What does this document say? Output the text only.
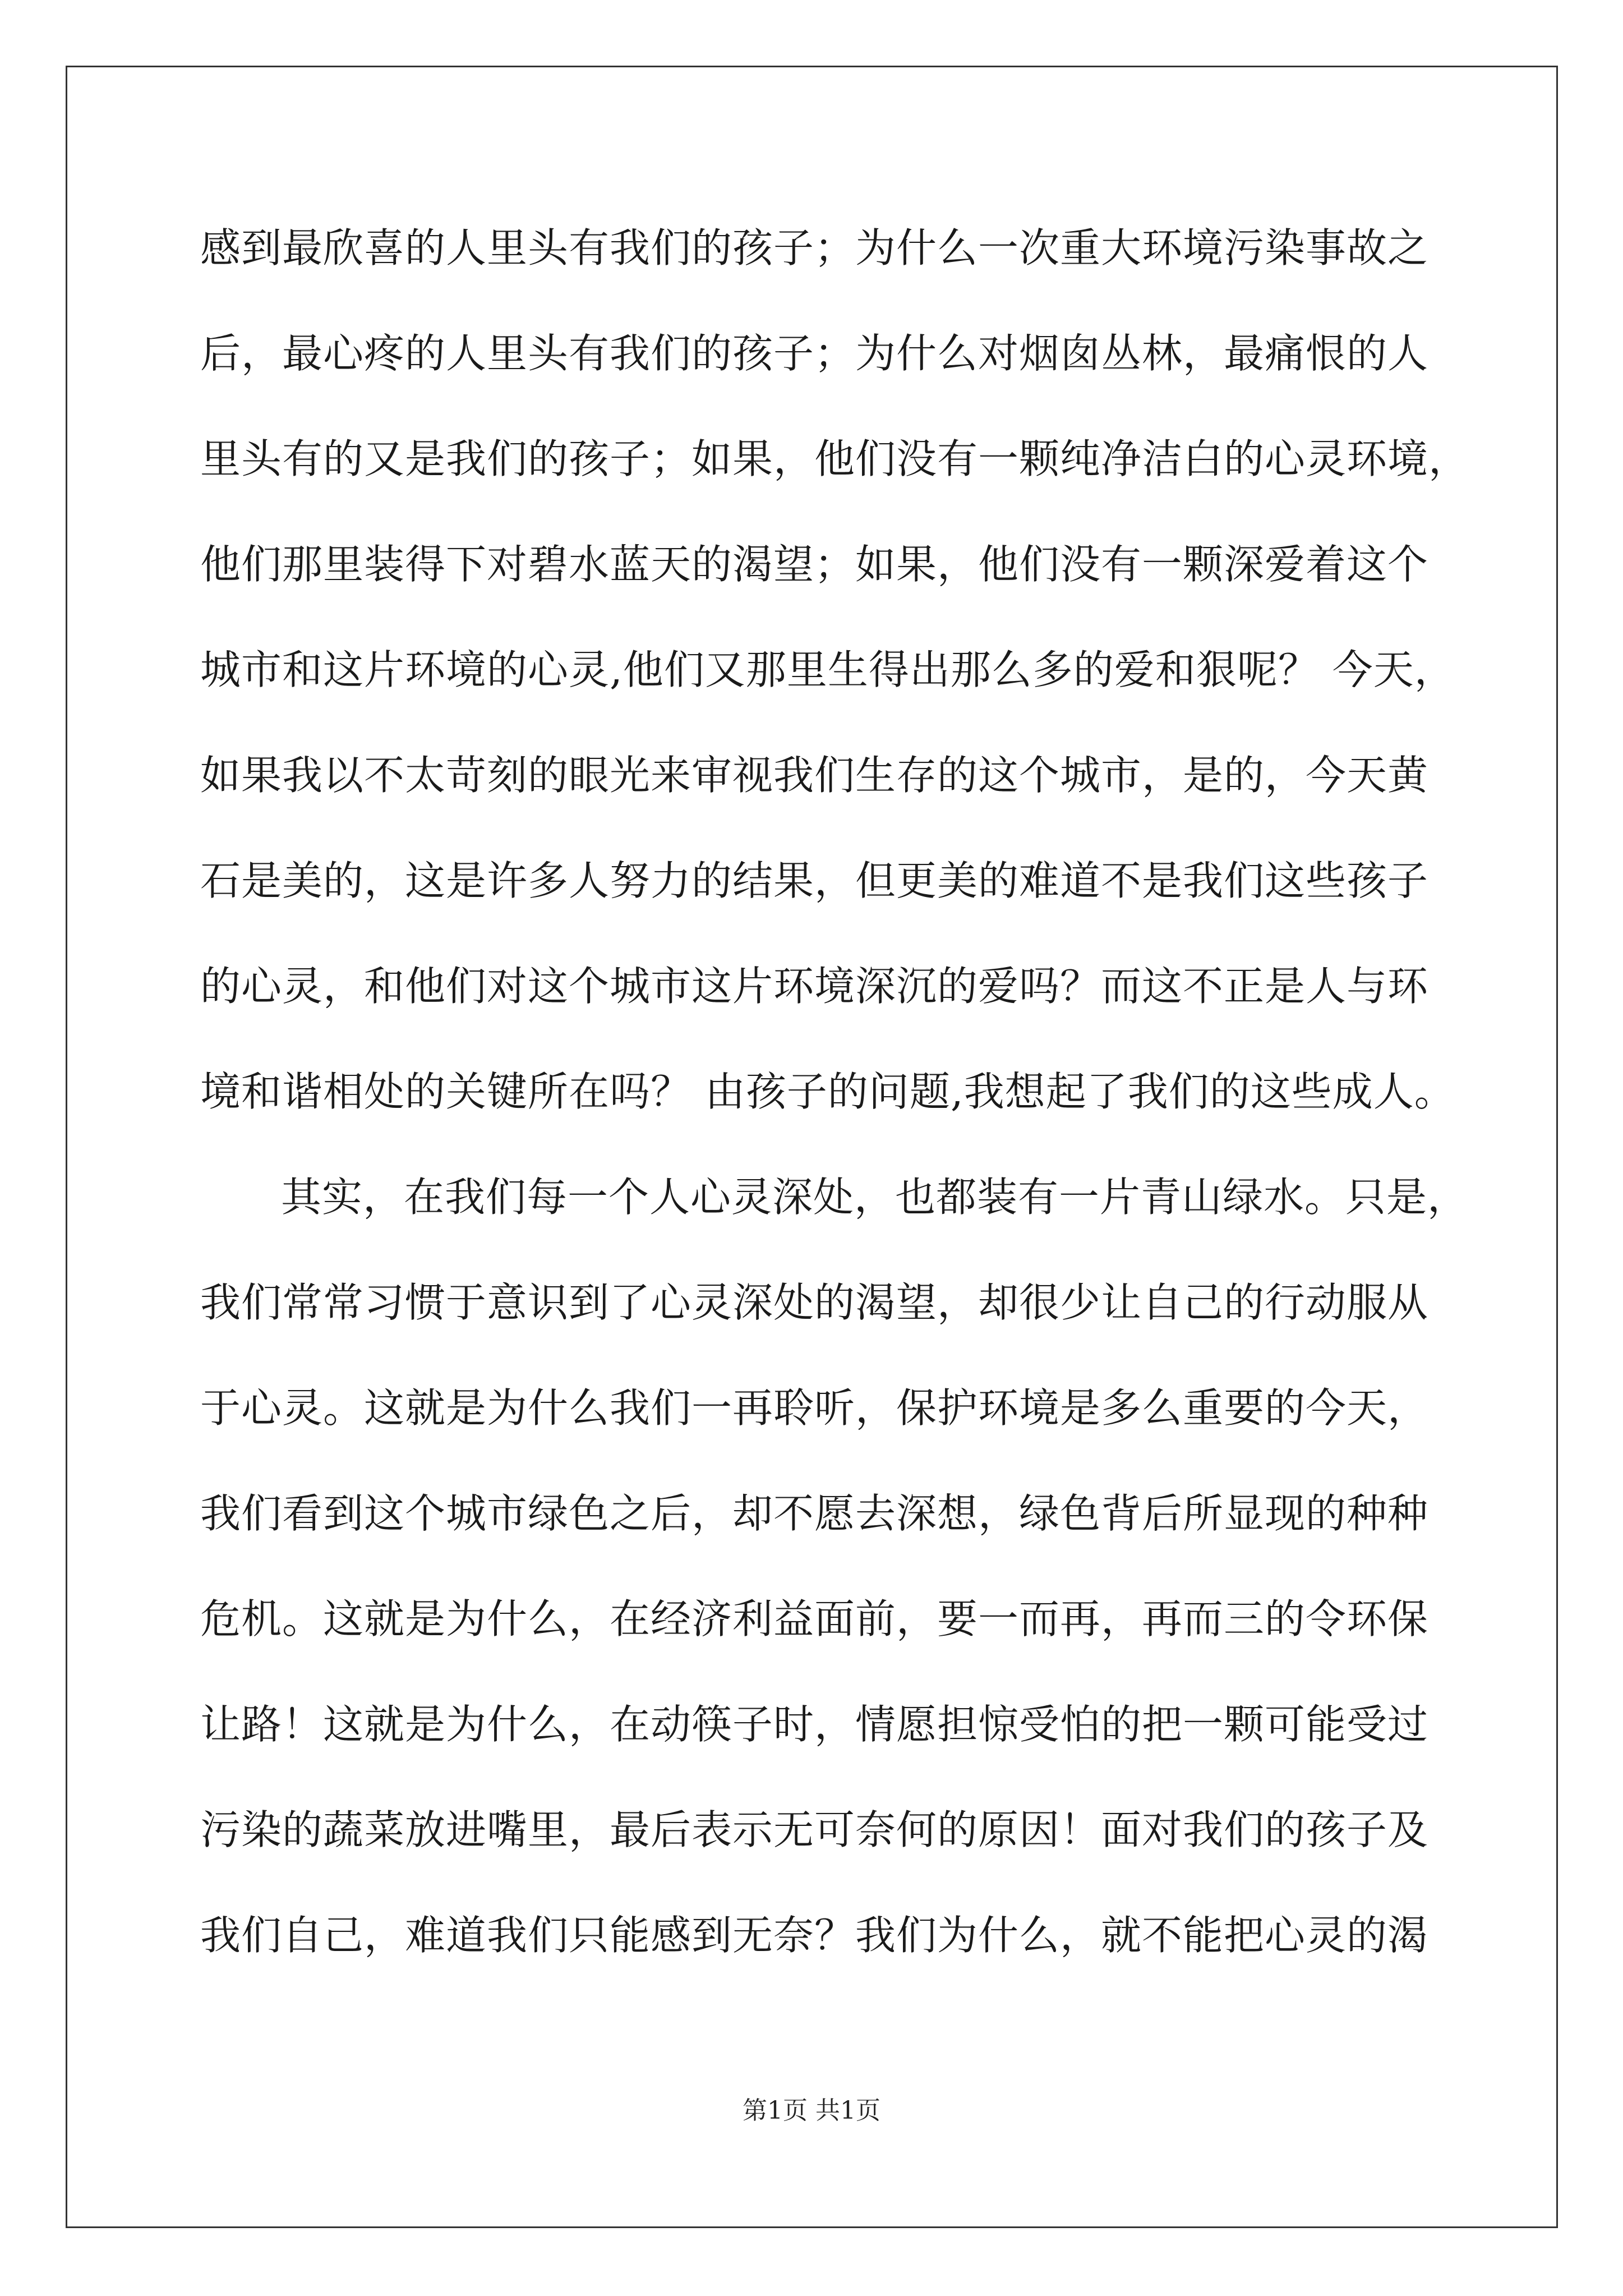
感到最欣喜的人里头有我们的孩子；为什么一次重大环境污染事故之
后，最心疼的人里头有我们的孩子；为什么对烟囱丛林，最痛恨的人
里头有的又是我们的孩子；如果，他们没有一颗纯净洁白的心灵环境，
他们那里装得下对碧水蓝天的渴望；如果，他们没有一颗深爱着这个
城市和这片环境的心灵,他们又那里生得出那么多的爱和狠呢？ 今天，
如果我以不太苛刻的眼光来审视我们生存的这个城市，是的，今天黄
石是美的，这是许多人努力的结果，但更美的难道不是我们这些孩子
的心灵，和他们对这个城市这片环境深沉的爱吗？而这不正是人与环
境和谐相处的关键所在吗？ 由孩子的问题,我想起了我们的这些成人。
其实，在我们每一个人心灵深处，也都装有一片青山绿水。只是，
我们常常习惯于意识到了心灵深处的渴望，却很少让自己的行动服从
于心灵。这就是为什么我们一再聆听，保护环境是多么重要的今天，
我们看到这个城市绿色之后，却不愿去深想，绿色背后所显现的种种
危机。这就是为什么，在经济利益面前，要一而再，再而三的令环保
让路！这就是为什么，在动筷子时，情愿担惊受怕的把一颗可能受过
污染的蔬菜放进嘴里，最后表示无可奈何的原因！面对我们的孩子及
我们自己，难道我们只能感到无奈？我们为什么，就不能把心灵的渴
第1页 共1页
